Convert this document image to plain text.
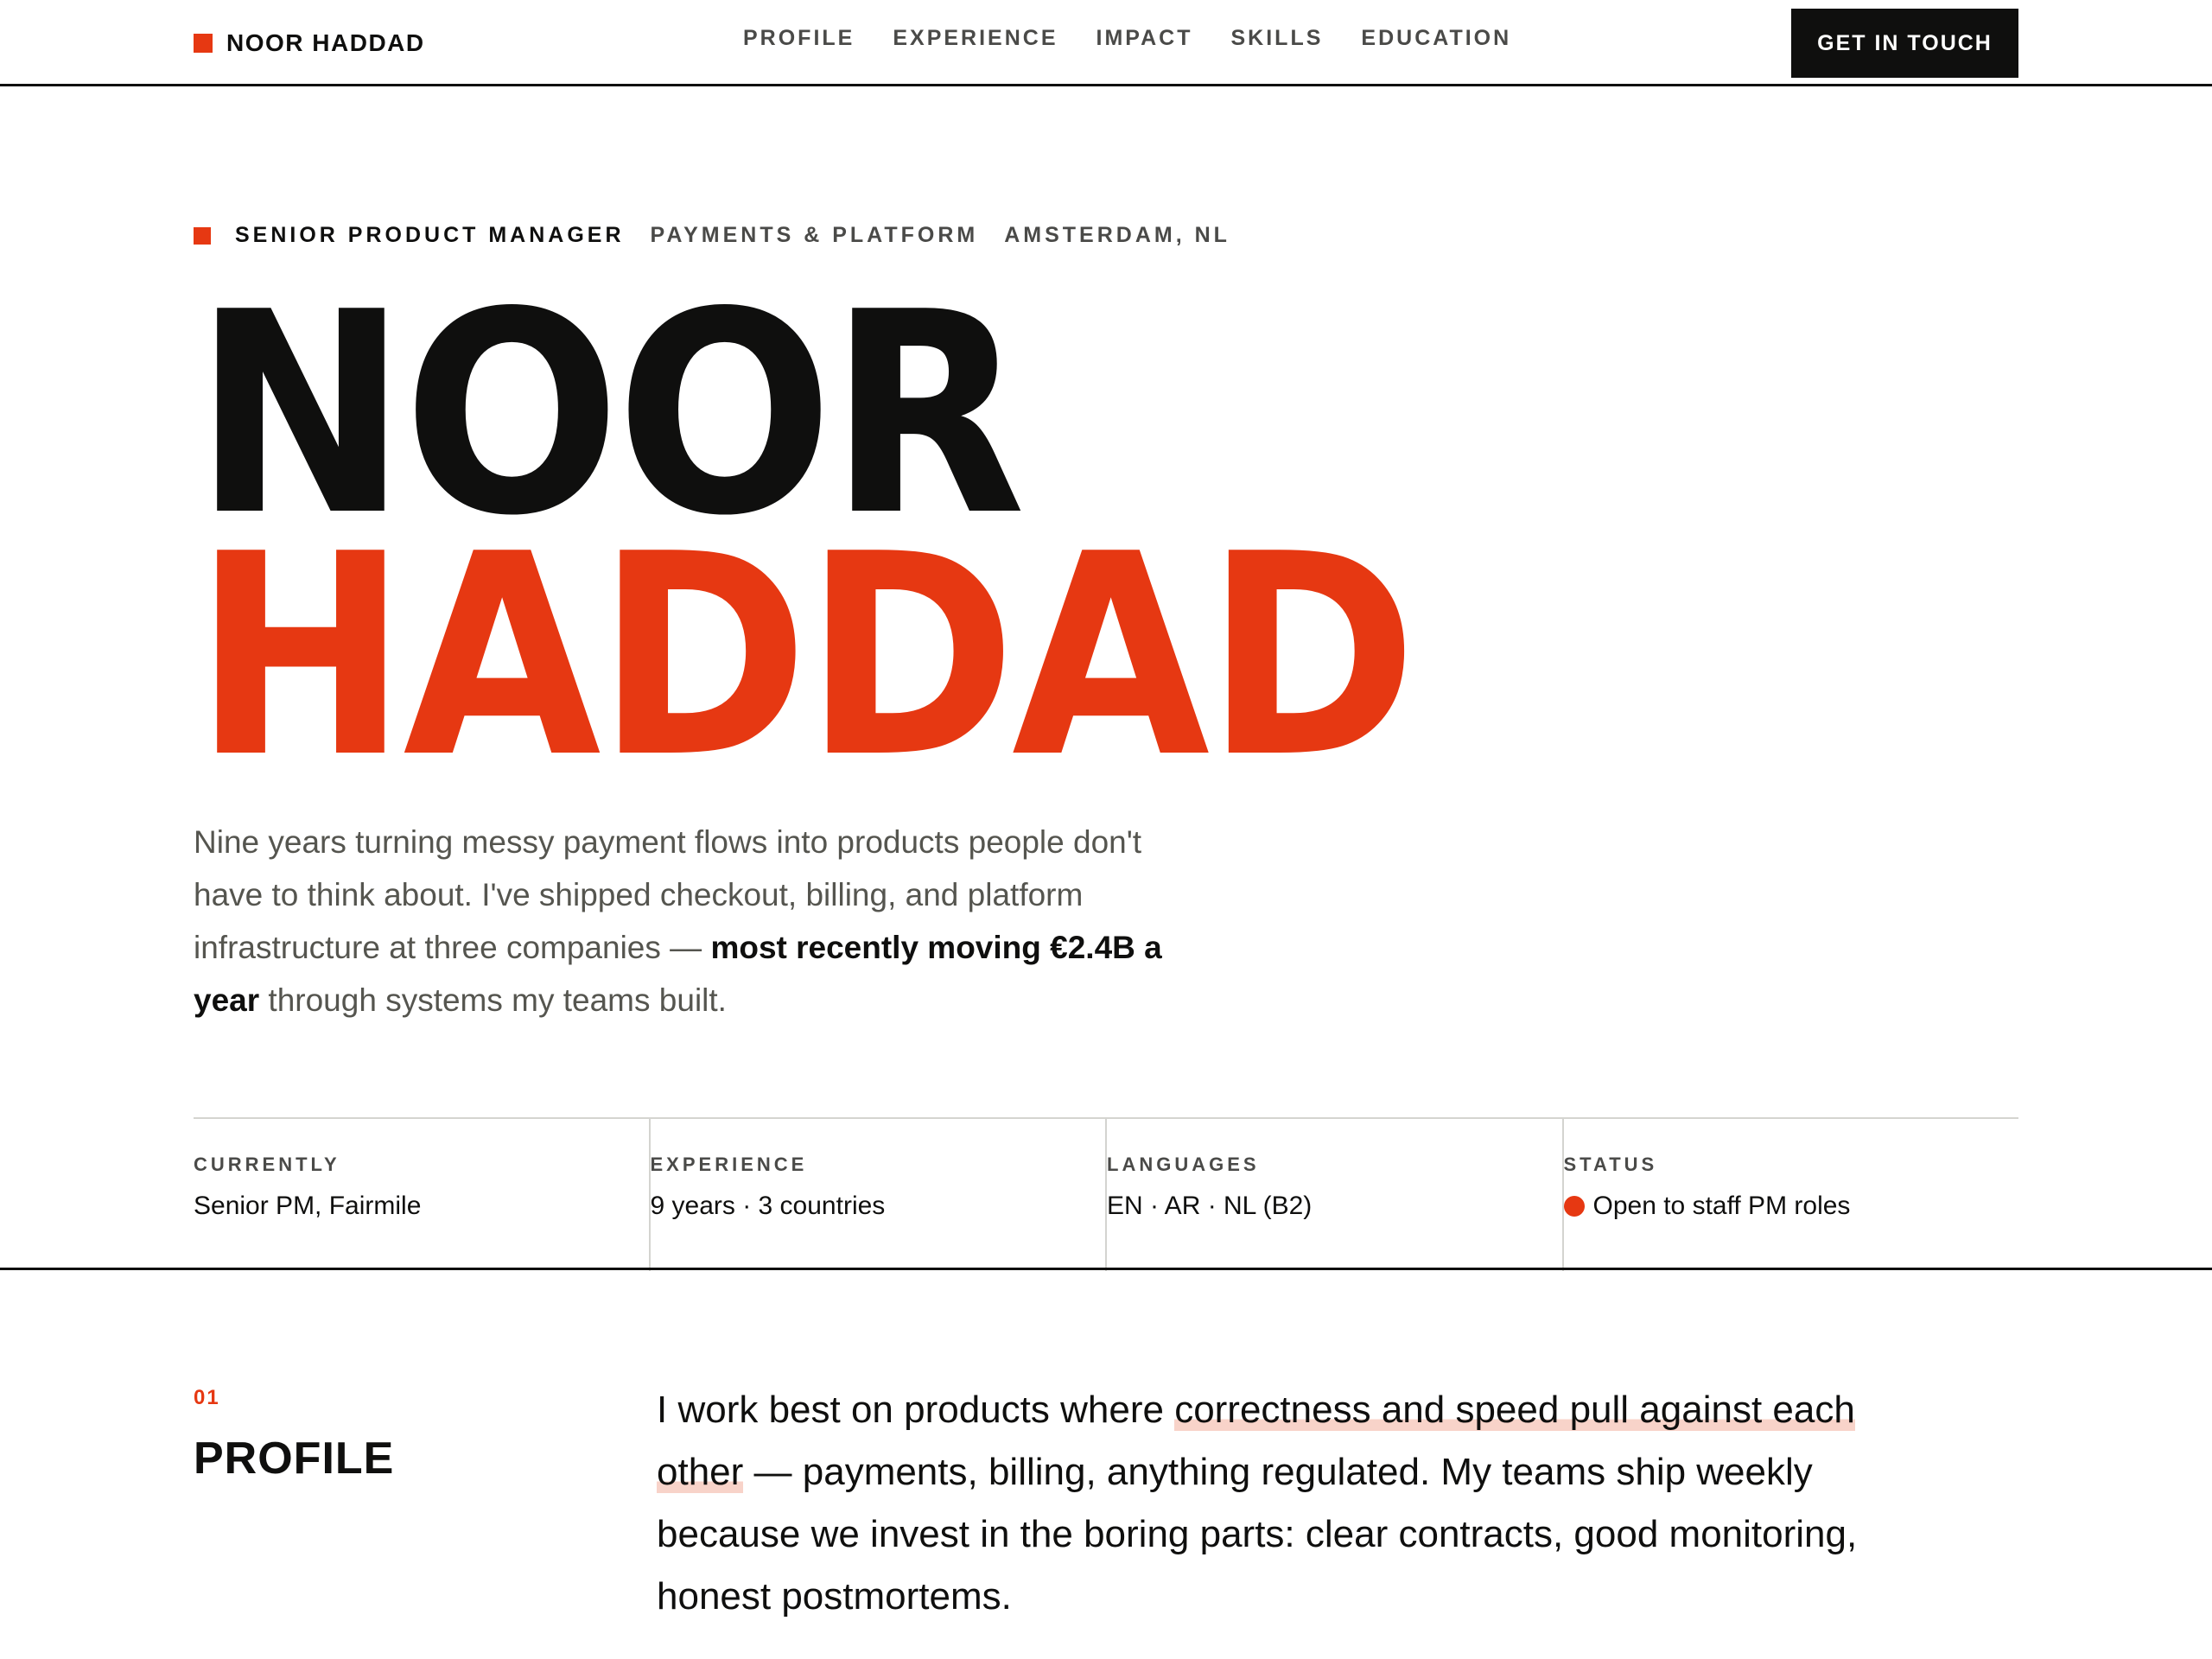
NOOR HADDAD	PROFILE EXPERIENCE IMPACT SKILLS EDUCATION	GET IN TOUCH
SENIOR PRODUCT MANAGER PAYMENTS & PLATFORM AMSTERDAM, NL
NOOR
HADDAD

Nine years turning messy payment flows into products people don't have to think about. I've shipped checkout, billing, and platform infrastructure at three companies — most recently moving €2.4B a year through systems my teams built.

CURRENTLY
Senior PM, Fairmile
EXPERIENCE
9 years · 3 countries
LANGUAGES
EN · AR · NL (B2)
STATUS
Open to staff PM roles
01
PROFILE

I work best on products where correctness and speed pull against each other — payments, billing, anything regulated. My teams ship weekly because we invest in the boring parts: clear contracts, good monitoring, honest postmortems.
